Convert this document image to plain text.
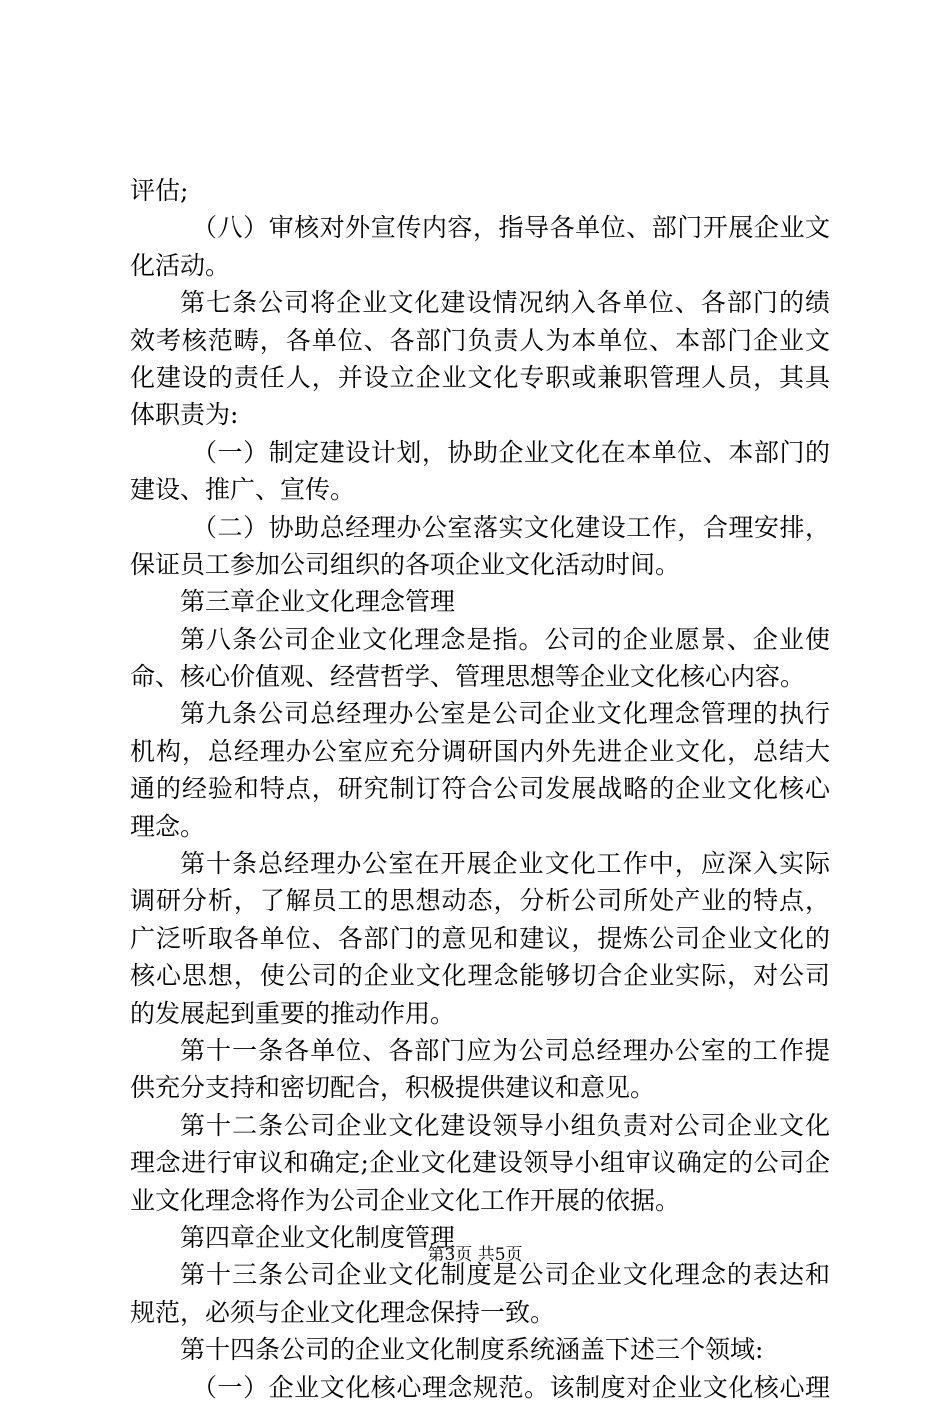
评估;
（八）审核对外宣传内容，指导各单位、部门开展企业文
化活动。
第七条公司将企业文化建设情况纳入各单位、各部门的绩
效考核范畴，各单位、各部门负责人为本单位、本部门企业文
化建设的责任人，并设立企业文化专职或兼职管理人员，其具
体职责为:
（一）制定建设计划，协助企业文化在本单位、本部门的
建设、推广、宣传。
（二）协助总经理办公室落实文化建设工作，合理安排，
保证员工参加公司组织的各项企业文化活动时间。
第三章企业文化理念管理
第八条公司企业文化理念是指。公司的企业愿景、企业使
命、核心价值观、经营哲学、管理思想等企业文化核心内容。
第九条公司总经理办公室是公司企业文化理念管理的执行
机构，总经理办公室应充分调研国内外先进企业文化，总结大
通的经验和特点，研究制订符合公司发展战略的企业文化核心
理念。
第十条总经理办公室在开展企业文化工作中，应深入实际
调研分析，了解员工的思想动态，分析公司所处产业的特点，
广泛听取各单位、各部门的意见和建议，提炼公司企业文化的
核心思想，使公司的企业文化理念能够切合企业实际，对公司
的发展起到重要的推动作用。
第十一条各单位、各部门应为公司总经理办公室的工作提
供充分支持和密切配合，积极提供建议和意见。
第十二条公司企业文化建设领导小组负责对公司企业文化
理念进行审议和确定;企业文化建设领导小组审议确定的公司企
业文化理念将作为公司企业文化工作开展的依据。
第四章企业文化制度管理
第十三条公司企业文化制度是公司企业文化理念的表达和
规范，必须与企业文化理念保持一致。
第十四条公司的企业文化制度系统涵盖下述三个领域:
（一）企业文化核心理念规范。该制度对企业文化核心理
第3页 共5页
